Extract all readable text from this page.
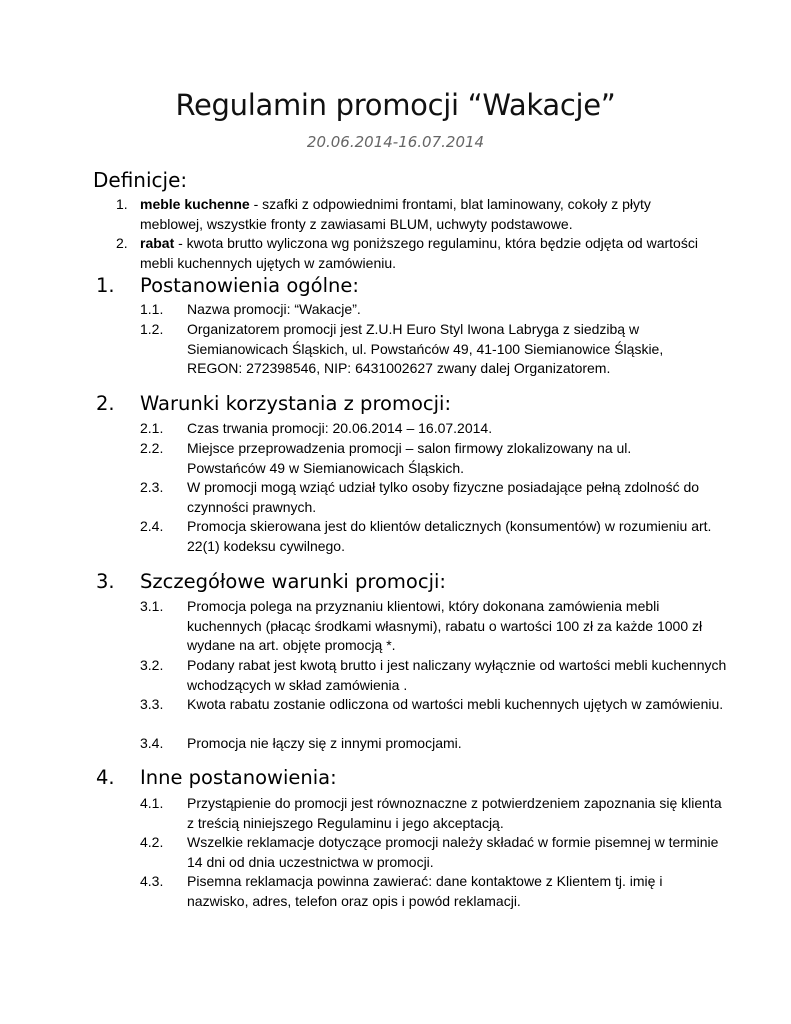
Regulamin promocji “Wakacje”
20.06.2014-16.07.2014
Definicje:
1. meble kuchenne - szafki z odpowiednimi frontami, blat laminowany, cokoły z płyty meblowej, wszystkie fronty z zawiasami BLUM, uchwyty podstawowe.
2. rabat - kwota brutto wyliczona wg poniższego regulaminu, która będzie odjęta od wartości mebli kuchennych ujętych w zamówieniu.
1. Postanowienia ogólne:
1.1. Nazwa promocji: “Wakacje”.
1.2. Organizatorem promocji jest Z.U.H Euro Styl Iwona Labryga z siedzibą w Siemianowicach Śląskich, ul. Powstańców 49, 41-100 Siemianowice Śląskie, REGON: 272398546, NIP: 6431002627 zwany dalej Organizatorem.
2. Warunki korzystania z promocji:
2.1. Czas trwania promocji: 20.06.2014 – 16.07.2014.
2.2. Miejsce przeprowadzenia promocji – salon firmowy zlokalizowany na ul. Powstańców 49 w Siemianowicach Śląskich.
2.3. W promocji mogą wziąć udział tylko osoby fizyczne posiadające pełną zdolność do czynności prawnych.
2.4. Promocja skierowana jest do klientów detalicznych (konsumentów) w rozumieniu art. 22(1) kodeksu cywilnego.
3. Szczegółowe warunki promocji:
3.1. Promocja polega na przyznaniu klientowi, który dokonana zamówienia mebli kuchennych (płacąc środkami własnymi), rabatu o wartości 100 zł za każde 1000 zł wydane na art. objęte promocją *.
3.2. Podany rabat jest kwotą brutto i jest naliczany wyłącznie od wartości mebli kuchennych wchodzących w skład zamówienia .
3.3. Kwota rabatu zostanie odliczona od wartości mebli kuchennych ujętych w zamówieniu.
3.4. Promocja nie łączy się z innymi promocjami.
4. Inne postanowienia:
4.1. Przystąpienie do promocji jest równoznaczne z potwierdzeniem zapoznania się klienta z treścią niniejszego Regulaminu i jego akceptacją.
4.2. Wszelkie reklamacje dotyczące promocji należy składać w formie pisemnej w terminie 14 dni od dnia uczestnictwa w promocji.
4.3. Pisemna reklamacja powinna zawierać: dane kontaktowe z Klientem tj. imię i nazwisko, adres, telefon oraz opis i powód reklamacji.
